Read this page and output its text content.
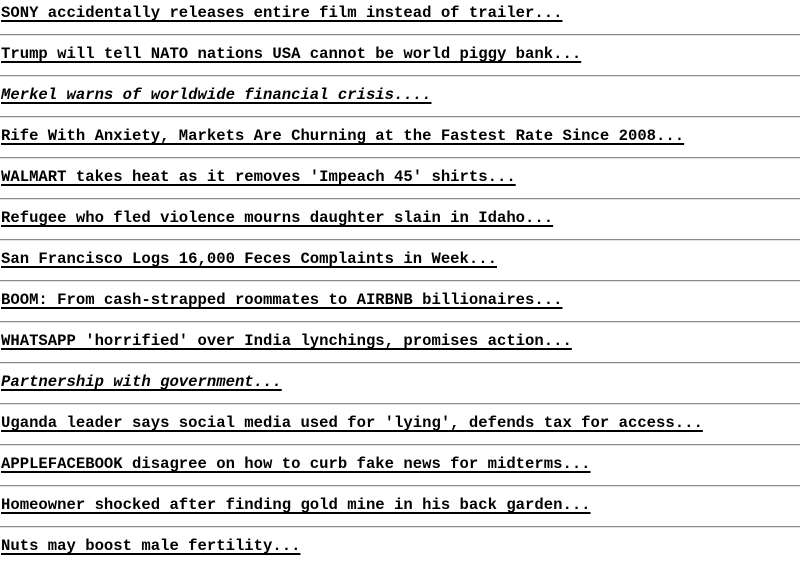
SONY accidentally releases entire film instead of trailer...
Trump will tell NATO nations USA cannot be world piggy bank...
Merkel warns of worldwide financial crisis....
Rife With Anxiety, Markets Are Churning at the Fastest Rate Since 2008...
WALMART takes heat as it removes 'Impeach 45' shirts...
Refugee who fled violence mourns daughter slain in Idaho...
San Francisco Logs 16,000 Feces Complaints in Week...
BOOM: From cash-strapped roommates to AIRBNB billionaires...
WHATSAPP 'horrified' over India lynchings, promises action...
Partnership with government...
Uganda leader says social media used for 'lying', defends tax for access...
APPLEFACEBOOK disagree on how to curb fake news for midterms...
Homeowner shocked after finding gold mine in his back garden...
Nuts may boost male fertility...
